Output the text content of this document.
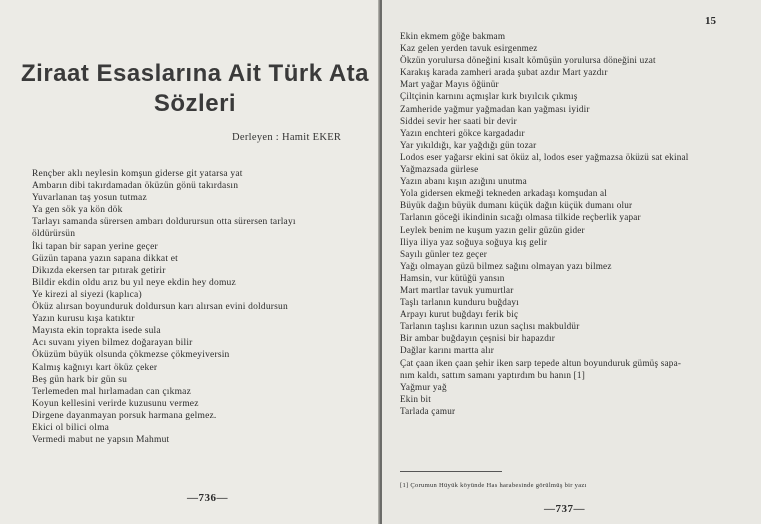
Ziraat Esaslarına Ait Türk Ata
Sözleri
Derleyen : Hamit EKER
Rençber aklı neylesin komşun giderse git yatarsa yat
Ambarın dibi takırdamadan öküzün gönü takırdasın
Yuvarlanan taş yosun tutmaz
Ya gen sök ya kön dök
Tarlayı samanda sürersen ambarı doldurursun otta sürersen tarlayı
öldürürsün
İki tapan bir sapan yerine geçer
Güzün tapana yazın sapana dikkat et
Dikızda ekersen tar pıtırak getirir
Bildir ekdin oldu arız bu yıl neye ekdin hey domuz
Ye kirezi al siyezi (kaplıca)
Öküz alırsan boyunduruk doldursun karı alırsan evini doldursun
Yazın kurusu kışa katıktır
Mayısta ekin topraktа isede sula
Acı suvanı yiyen bilmez doğarayan bilir
Öküzüm büyük olsunda çökmezse çökmeyiversin
Kalmış kağnıyı kart öküz çeker
Beş gün hark bir gün su
Terlemeden mal hırlamadan can çıkmaz
Koyun kellesini verirde kuzusunu vermez
Dirgene dayanmayan porsuk harmana gelmez.
Ekici ol bilici olma
Vermedi mabut ne yapsın Mahmut
—736—
15
Ekin ekmem göğe bakmam
Kaz gelen yerden tavuk esirgenmez
Ökzün yorulursa döneğini kısalt kömüşün yorulursa döneğini uzat
Karakış karada zamheri arada şubat azdır Mart yazdır
Mart yağar Mayıs öğünür
Çiltçinin karnını açmışlar kırk bıyılcık çıkmış
Zamheride yağmur yağmadan kan yağması iyidir
Siddei sevir her saati bir devir
Yazın enchteri gökce kargadadır
Yar yıkıldığı, kar yağdığı gün tozar
Lodos eser yağarsr ekini sat öküz al, lodos eser yağmazsa öküzü sat ekinal
Yağmazsada gürlese
Yazın abanı kışın azığını unutma
Yola gidersen ekmeği tekneden arkadaşı komşudan al
Büyük dağın büyük dumanı küçük dağın küçük dumanı olur
Tarlanın göceği ikindinin sıcağı olmasa tilkide reçberlik yapar
Leylek benim ne kuşum yazın gelir güzün gider
Iliya iliya yaz soğuya soğuya kış gelir
Sayılı günler tez geçer
Yağı olmayan güzü bilmez sağını olmayan yazı bilmez
Hamsin, vur kütüğü yansın
Mart martlar tavuk yumurtlar
Taşlı tarlanın kunduru buğdayı
Arpayı kurut buğdayı ferik biç
Tarlanın taşlısı karının uzun saçlısı makbuldür
Bir ambar buğdayın çeşnisi bir hapazdır
Dağlar karını martta alır
Çat çaan iken çaan şehir iken sarp tepede altun boyunduruk gümüş sapa-
nım kaldı, sattım samanı yaptırdım bu hanın [1]
Yağmur yağ
Ekin bit
Tarlada çamur
[1] Çorumun Hüyük köyünde Has harabesinde görülmüş bir yazı
—737—
